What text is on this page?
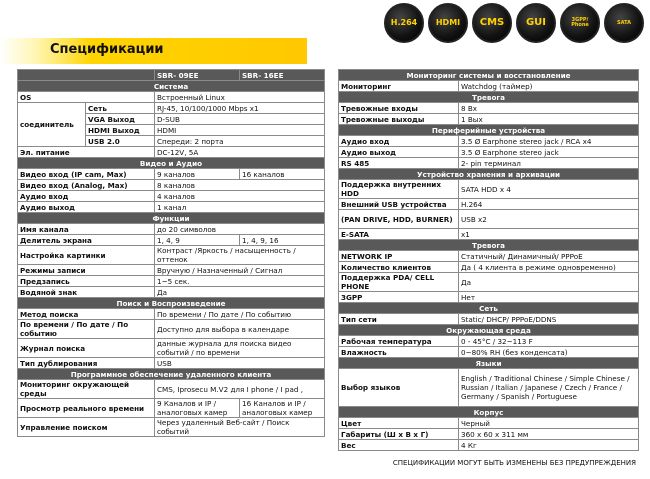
H.264 HDMI CMS GUI	3GPP/ Phone	SATA
Спецификации
		SBR- 09EE	SBR- 16EE
Система			
OS		Встроенный Linux	
соединитель	Сеть	RJ-45, 10/100/1000 Mbps x1	
	VGA Выход	D-SUB	
	HDMI Выход	HDMI	
	USB 2.0	Спереди: 2 порта	
Эл. питание		DC-12V, 5A	
Видео и Аудио			
Видео вход (IP cam, Max)		9 каналов	16 каналов
Видео вход (Analog, Max)		8 каналов	
Аудио вход		4 каналов	
Аудио выход		1 канал	
Функции			
Имя канала		до 20 символов	
Делитель экрана		1, 4, 9	1, 4, 9, 16
Настройка картинки		Контраст /Яркость / насыщенность / оттенок	
Режимы записи		Вручную / Назначенный / Сигнал	
Предзапись		1~5 сек.	
Водяной знак		Да	
Поиск и Воспроизведение			
Метод поиска		По времени / По дате / По событию	
По времени / По дате / По событию		Доступно для выбора в календаре	
Журнал поиска		данные журнала для поиска видео событий / по времени	
Тип дублирования		USB	
Программное обеспечение удаленного клиента			
Мониторинг окружающей среды		CMS, Iprosecu M.V2 для I phone / I pad ,	
Просмотр реального времени		9 Каналов и IP / аналоговых камер	16 Каналов и IP / аналоговых камер
Управление поиском		Через удаленный Веб-сайт / Поиск событий	
Мониторинг системы и восстановление	
Мониторинг	Watchdog (таймер)
Тревога	
Тревожные входы	8 Вх
Тревожные выходы	1 Вых
Периферийные устройства	
Аудио вход	3.5 Ø Earphone stereo jack / RCA x4
Аудио выход	3.5 Ø Earphone stereo jack
RS 485	2- pin терминал
Устройство хранения и архивации	
Поддержка внутренних HDD	SATA HDD x 4
Внешний USB устройства	H.264
(PAN DRIVE, HDD, BURNER)	USB x2
E-SATA	x1
Тревога	
NETWORK IP	Статичный/ Динамичный/ PPPoE
Количество клиентов	Да ( 4 клиента в режиме одновременно)
Поддержка PDA/ CELL PHONE	Да
3GPP	Нет
Сеть	
Тип сети	Static/ DHCP/ PPPoE/DDNS
Окружающая среда	
Рабочая температура	0 - 45°C / 32~113 F
Влажность	0~80% RH (без конденсата)
Языки	
Выбор языков	English / Traditional Chinese / Simple Chinese / Russian / Italian / Japanese / Czech / France / Germany / Spanish / Portuguese
Корпус	
Цвет	Черный
Габариты (Ш x В x Г)	360 x 60 x 311 мм
Вес	4 Кг
СПЕЦИФИКАЦИИ МОГУТ БЫТЬ ИЗМЕНЕНЫ БЕЗ ПРЕДУПРЕЖДЕНИЯ
